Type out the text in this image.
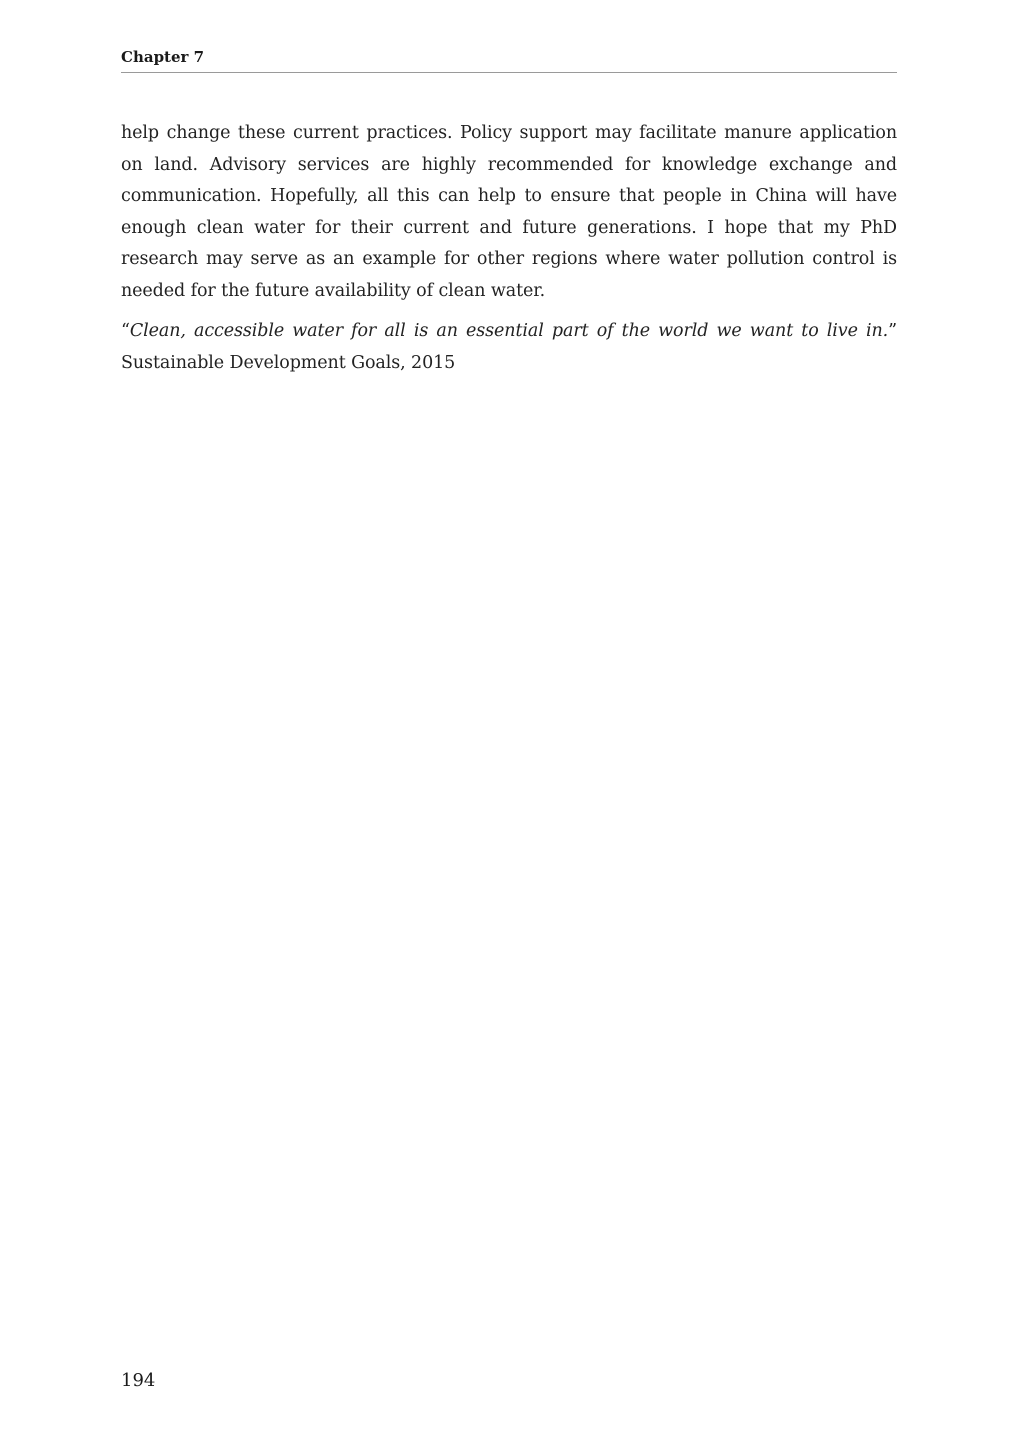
Chapter 7

help change these current practices. Policy support may facilitate manure application on land. Advisory services are highly recommended for knowledge exchange and communication. Hopefully, all this can help to ensure that people in China will have enough clean water for their current and future generations. I hope that my PhD research may serve as an example for other regions where water pollution control is needed for the future availability of clean water.

“Clean, accessible water for all is an essential part of the world we want to live in.”
Sustainable Development Goals, 2015

194
